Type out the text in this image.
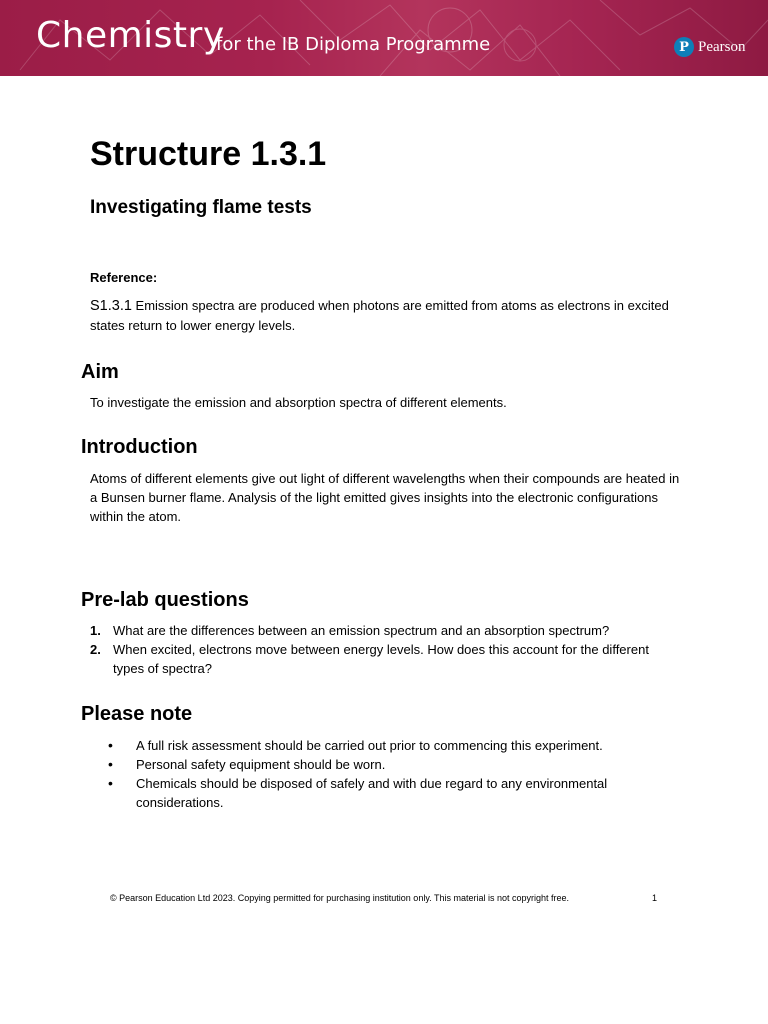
Chemistry
for the IB Diploma Programme	P Pearson
Structure 1.3.1
Investigating flame tests
Reference:
S1.3.1 Emission spectra are produced when photons are emitted from atoms as electrons in excited states return to lower energy levels.
Aim
To investigate the emission and absorption spectra of different elements.
Introduction
Atoms of different elements give out light of different wavelengths when their compounds are heated in a Bunsen burner flame. Analysis of the light emitted gives insights into the electronic configurations within the atom.
Pre-lab questions
1. What are the differences between an emission spectrum and an absorption spectrum?
2. When excited, electrons move between energy levels. How does this account for the different types of spectra?
Please note
•	A full risk assessment should be carried out prior to commencing this experiment.
•	Personal safety equipment should be worn.
•	Chemicals should be disposed of safely and with due regard to any environmental considerations.
© Pearson Education Ltd 2023. Copying permitted for purchasing institution only. This material is not copyright free.	1
